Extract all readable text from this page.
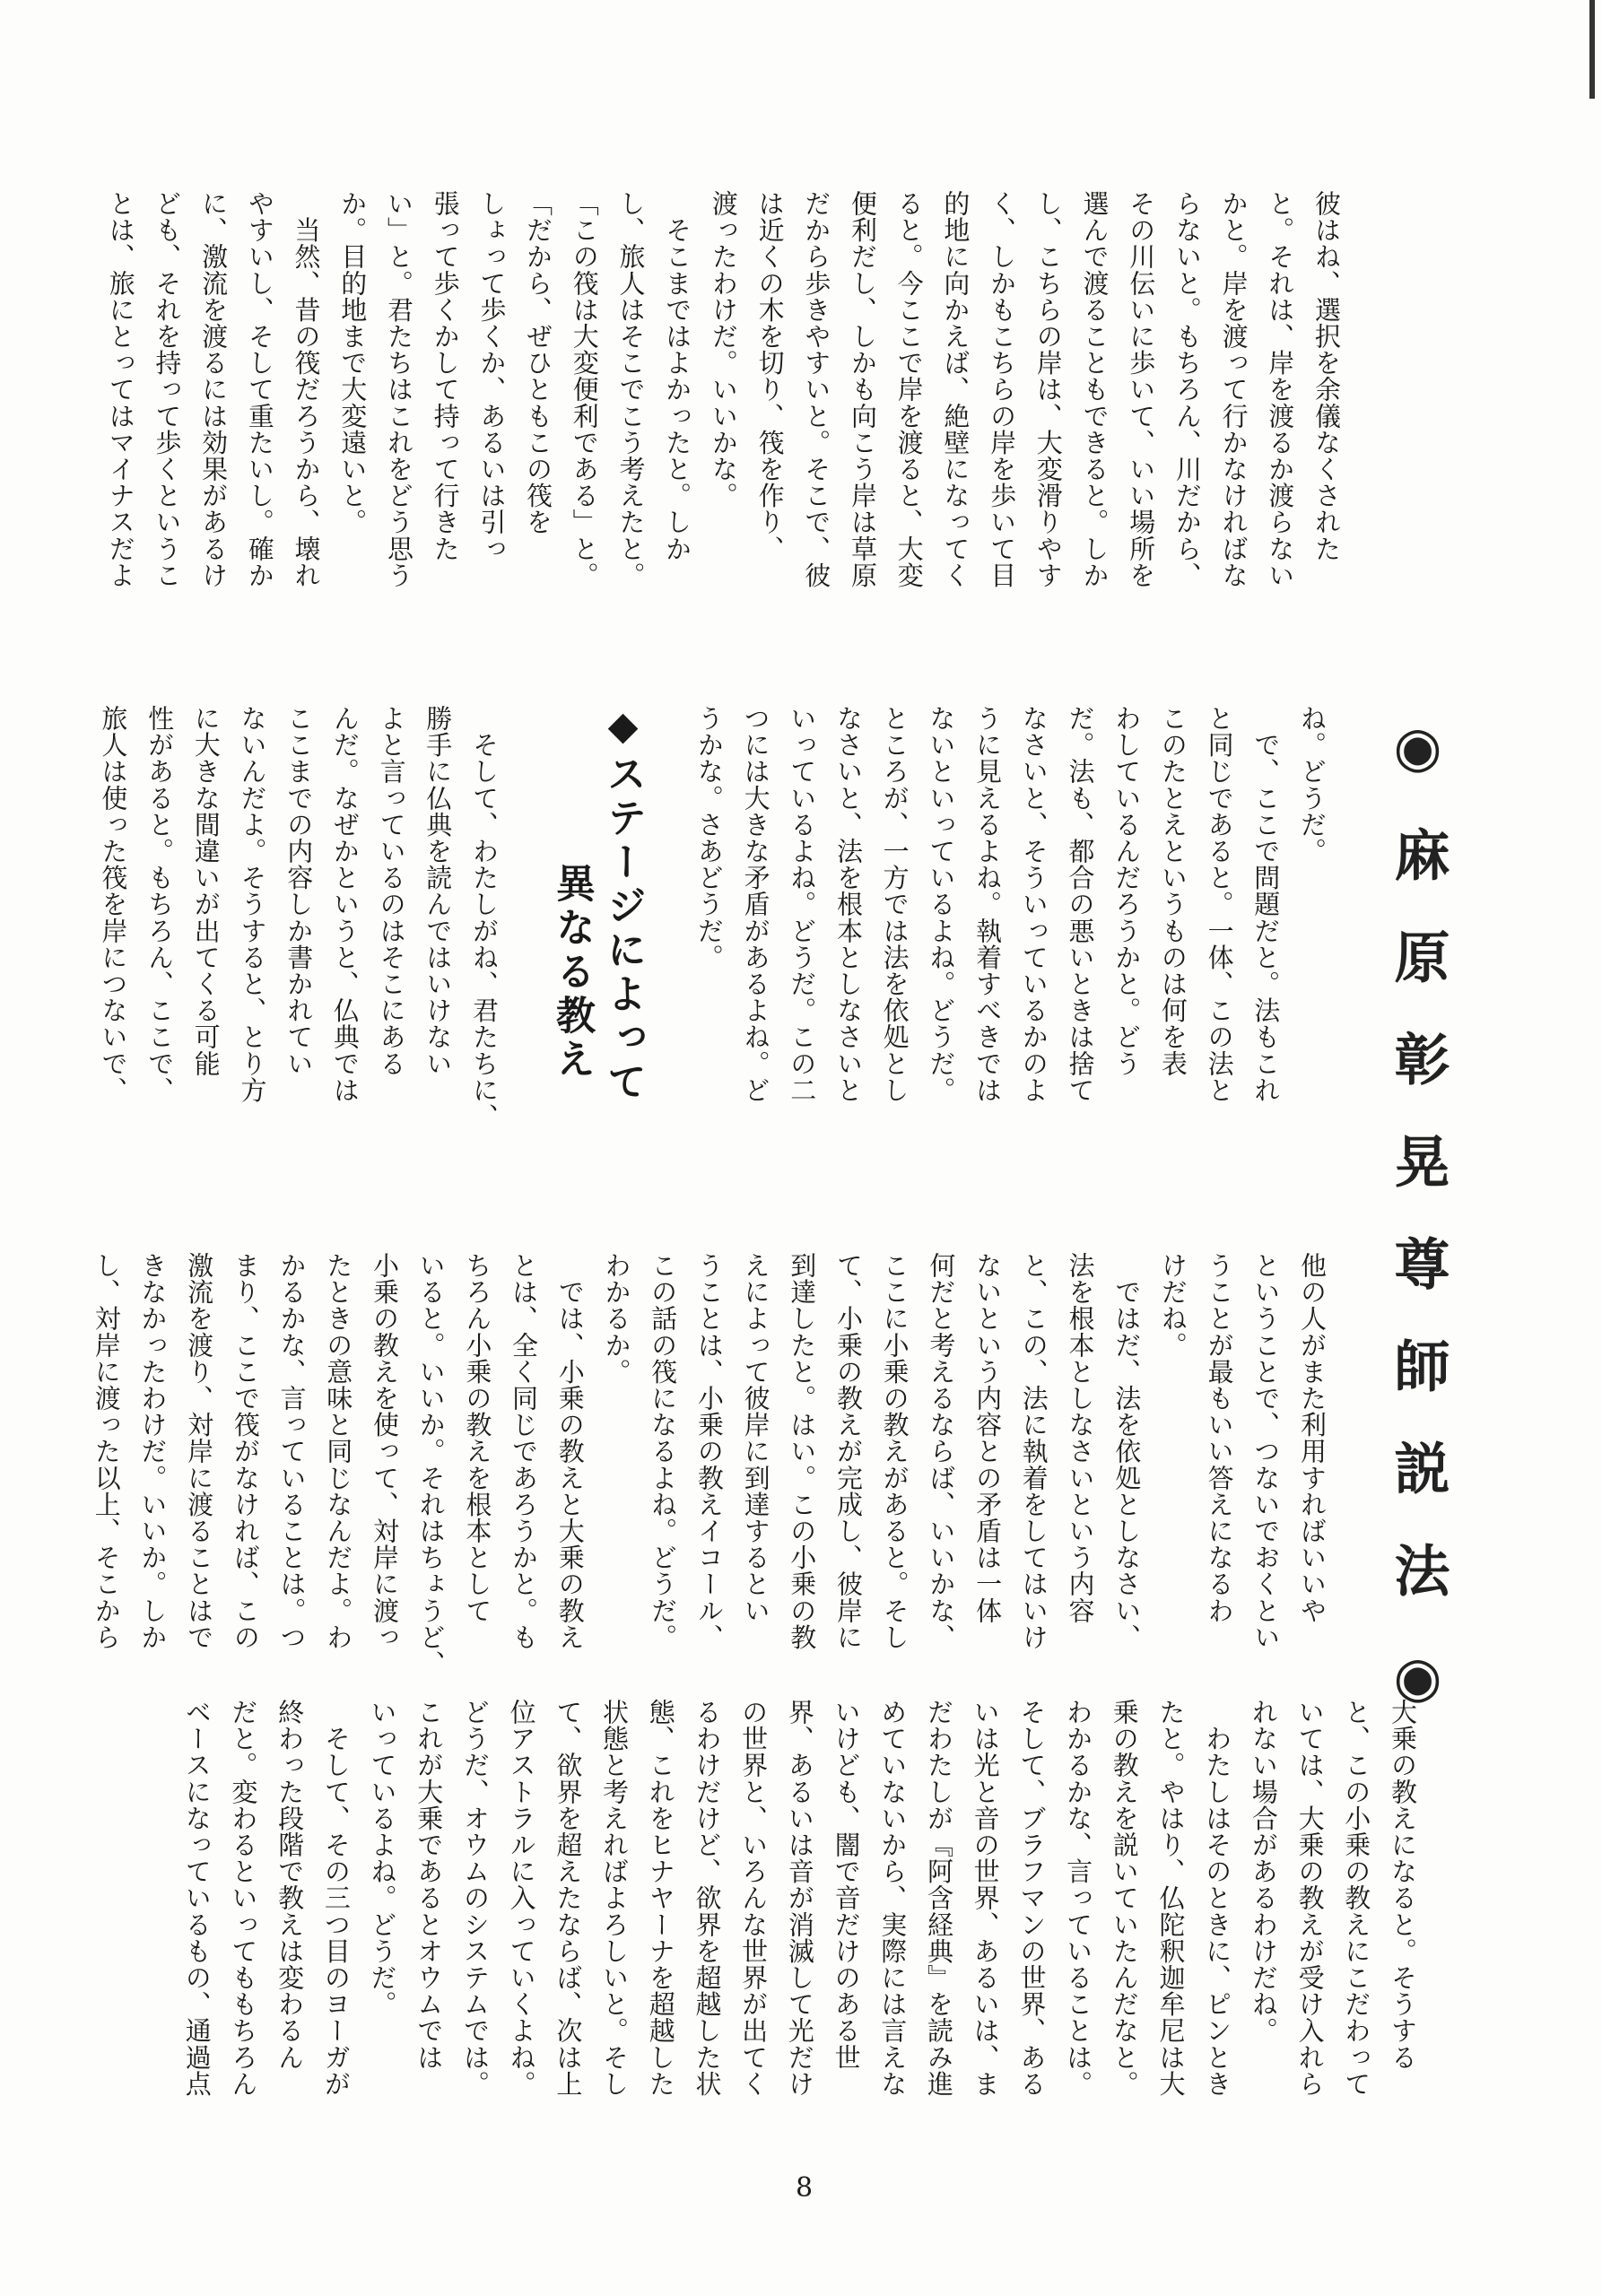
◉麻原彰晃尊師説法◉
彼はね、選択を余儀なくされた
と。それは、岸を渡るか渡らない
かと。岸を渡って行かなければな
らないと。もちろん、川だから、
その川伝いに歩いて、いい場所を
選んで渡ることもできると。しか
し、こちらの岸は、大変滑りやす
く、しかもこちらの岸を歩いて目
的地に向かえば、絶壁になってく
ると。今ここで岸を渡ると、大変
便利だし、しかも向こう岸は草原
だから歩きやすいと。そこで、彼
は近くの木を切り、筏を作り、
渡ったわけだ。いいかな。
　そこまではよかったと。しか
し、旅人はそこでこう考えたと。
「この筏は大変便利である」と。
「だから、ぜひともこの筏を
しょって歩くか、あるいは引っ
張って歩くかして持って行きた
い」と。君たちはこれをどう思う
か。目的地まで大変遠いと。
　当然、昔の筏だろうから、壊れ
やすいし、そして重たいし。確か
に、激流を渡るには効果があるけ
ども、それを持って歩くというこ
とは、旅にとってはマイナスだよ
ね。どうだ。
　で、ここで問題だと。法もこれ
と同じであると。一体、この法と
このたとえというものは何を表
わしているんだろうかと。どう
だ。法も、都合の悪いときは捨て
なさいと、そういっているかのよ
うに見えるよね。執着すべきでは
ないといっているよね。どうだ。
ところが、一方では法を依処とし
なさいと、法を根本としなさいと
いっているよね。どうだ。この二
つには大きな矛盾があるよね。ど
うかな。さあどうだ。
◆ステージによって
異なる教え
　そして、わたしがね、君たちに、
勝手に仏典を読んではいけない
よと言っているのはそこにある
んだ。なぜかというと、仏典では
ここまでの内容しか書かれてい
ないんだよ。そうすると、とり方
に大きな間違いが出てくる可能
性があると。もちろん、ここで、
旅人は使った筏を岸につないで、
他の人がまた利用すればいいや
ということで、つないでおくとい
うことが最もいい答えになるわ
けだね。
　ではだ、法を依処としなさい、
法を根本としなさいという内容
と、この、法に執着をしてはいけ
ないという内容との矛盾は一体
何だと考えるならば、いいかな、
ここに小乗の教えがあると。そし
て、小乗の教えが完成し、彼岸に
到達したと。はい。この小乗の教
えによって彼岸に到達するとい
うことは、小乗の教えイコール、
この話の筏になるよね。どうだ。
わかるか。
　では、小乗の教えと大乗の教え
とは、全く同じであろうかと。も
ちろん小乗の教えを根本として
いると。いいか。それはちょうど、
小乗の教えを使って、対岸に渡っ
たときの意味と同じなんだよ。わ
かるかな、言っていることは。つ
まり、ここで筏がなければ、この
激流を渡り、対岸に渡ることはで
きなかったわけだ。いいか。しか
し、対岸に渡った以上、そこから
大乗の教えになると。そうする
と、この小乗の教えにこだわって
いては、大乗の教えが受け入れら
れない場合があるわけだね。
　わたしはそのときに、ピンとき
たと。やはり、仏陀釈迦牟尼は大
乗の教えを説いていたんだなと。
わかるかな、言っていることは。
そして、ブラフマンの世界、ある
いは光と音の世界、あるいは、ま
だわたしが『阿含経典』を読み進
めていないから、実際には言えな
いけども、闇で音だけのある世
界、あるいは音が消滅して光だけ
の世界と、いろんな世界が出てく
るわけだけど、欲界を超越した状
態、これをヒナヤーナを超越した
状態と考えればよろしいと。そし
て、欲界を超えたならば、次は上
位アストラルに入っていくよね。
どうだ、オウムのシステムでは。
これが大乗であるとオウムでは
いっているよね。どうだ。
　そして、その三つ目のヨーガが
終わった段階で教えは変わるん
だと。変わるといってももちろん
ベースになっているもの、通過点
8
